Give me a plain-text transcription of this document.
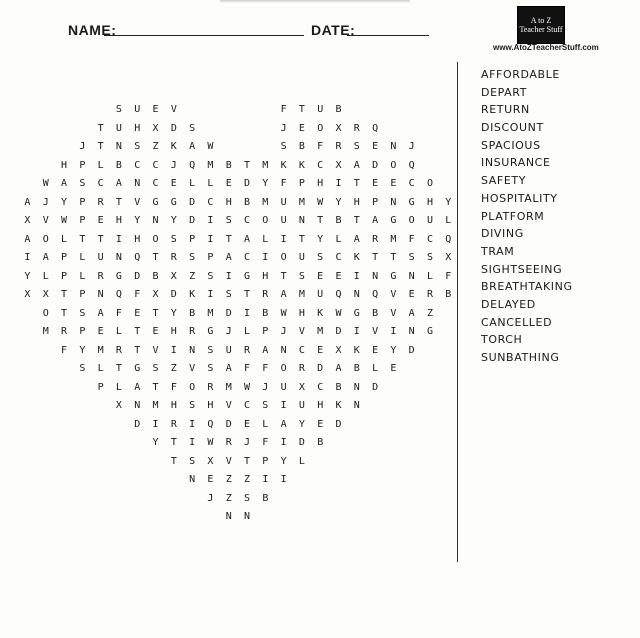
NAME:	DATE:
A to Z Teacher Stuff
www.AtoZTeacherStuff.com
AFFORDABLE
DEPART
RETURN
DISCOUNT
SPACIOUS
INSURANCE
SAFETY
HOSPITALITY
PLATFORM
DIVING
TRAM
SIGHTSEEING
BREATHTAKING
DELAYED
CANCELLED
TORCH
SUNBATHING
S U E V	F T U B
T U H X D S	J E O X R Q
J T N S Z K A W	S B F R S E N J
H P L B C C J Q M B T M K K C X A D O Q
W A S C A N C E L L E D Y F P H I T E E C O
A J Y P R T V G G D C H B M U M W Y H P N G H Y
X V W P E H Y N Y D I S C O U N T B T A G O U L
A O L T T I H O S P I T A L I T Y L A R M F C Q
I A P L U N Q T R S P A C I O U S C K T T S S X
Y L P L R G D B X Z S I G H T S E E I N G N L F
X X T P N Q F X D K I S T R A M U Q N Q V E R B
O T S A F E T Y B M D I B W H K W G B V A Z
M R P E L T E H R G J L P J V M D I V I N G
F Y M R T V I N S U R A N C E X K E Y D
S L T G S Z V S A F F O R D A B L E
P L A T F O R M W J U X C B N D
X N M H S H V C S I U H K N
D I R I Q D E L A Y E D
Y T I W R J F I D B
T S X V T P Y L
N E Z Z I I
J Z S B
N N
